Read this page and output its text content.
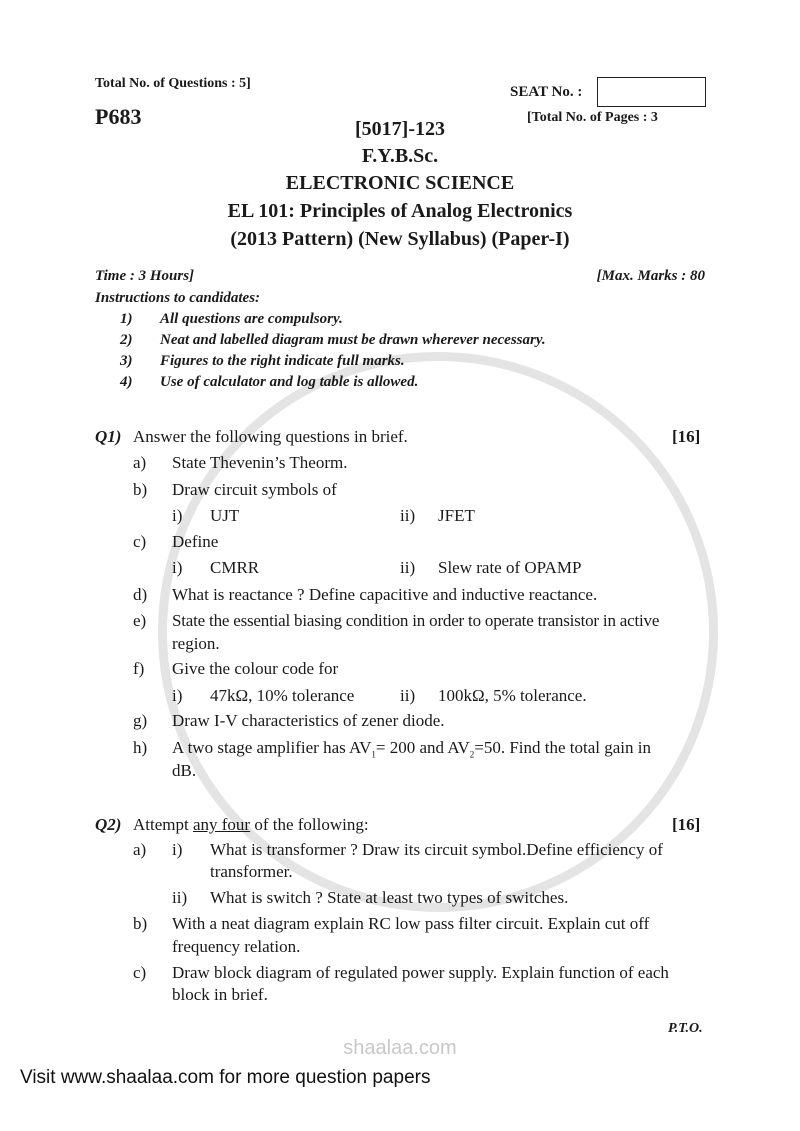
Total No. of Questions : 5]
SEAT No. :
P683	[Total No. of Pages : 3
[5017]-123
F.Y.B.Sc.
ELECTRONIC SCIENCE
EL 101: Principles of Analog Electronics
(2013 Pattern) (New Syllabus) (Paper-I)
Time : 3 Hours]	[Max. Marks : 80
Instructions to candidates:
1) All questions are compulsory.
2) Neat and labelled diagram must be drawn wherever necessary.
3) Figures to the right indicate full marks.
4) Use of calculator and log table is allowed.
Q1) Answer the following questions in brief.	[16]
a) State Thevenin’s Theorm.
b) Draw circuit symbols of
i) UJT	ii) JFET
c) Define
i) CMRR	ii) Slew rate of OPAMP
d) What is reactance ? Define capacitive and inductive reactance.
e) State the essential biasing condition in order to operate transistor in active
region.
f) Give the colour code for
i) 47kΩ, 10% tolerance	ii) 100kΩ, 5% tolerance.
g) Draw I-V characteristics of zener diode.
h) A two stage amplifier has $AV_1= 200$ and $AV_2=50$. Find the total gain in
dB.
Q2) Attempt any four of the following:	[16]
a) i) What is transformer ? Draw its circuit symbol.Define efficiency of
transformer.
ii) What is switch ? State at least two types of switches.
b) With a neat diagram explain RC low pass filter circuit. Explain cut off
frequency relation.
c) Draw block diagram of regulated power supply. Explain function of each
block in brief.
P.T.O.
shaalaa.com
Visit www.shaalaa.com for more question papers
